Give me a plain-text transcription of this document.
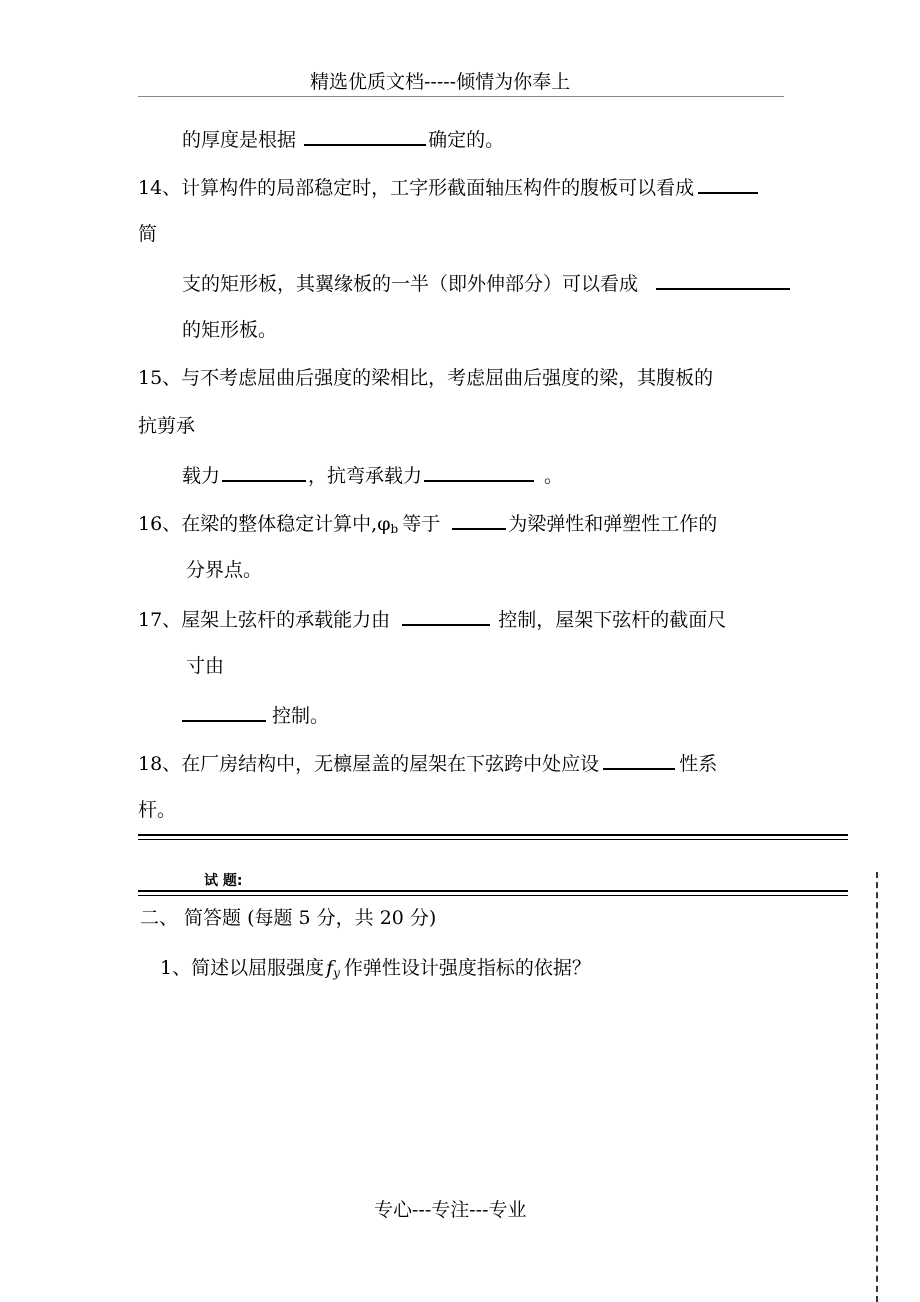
精选优质文档-----倾情为你奉上
的厚度是根据	确定的。
14、计算构件的局部稳定时，工字形截面轴压构件的腹板可以看成
简
支的矩形板，其翼缘板的一半（即外伸部分）可以看成
的矩形板。
15、与不考虑屈曲后强度的梁相比，考虑屈曲后强度的梁，其腹板的
抗剪承
载力	，抗弯承载力	。
16、在梁的整体稳定计算中$,\varphi_b$ 等于	为梁弹性和弹塑性工作的
分界点。
17、屋架上弦杆的承载能力由	控制，屋架下弦杆的截面尺
寸由
控制。
18、在厂房结构中，无檩屋盖的屋架在下弦跨中处应设	性系
杆。
试 题:
二、 简答题 (每题 5 分，共 20 分)
1、简述以屈服强度 $f_y$ 作弹性设计强度指标的依据？
专心---专注---专业
